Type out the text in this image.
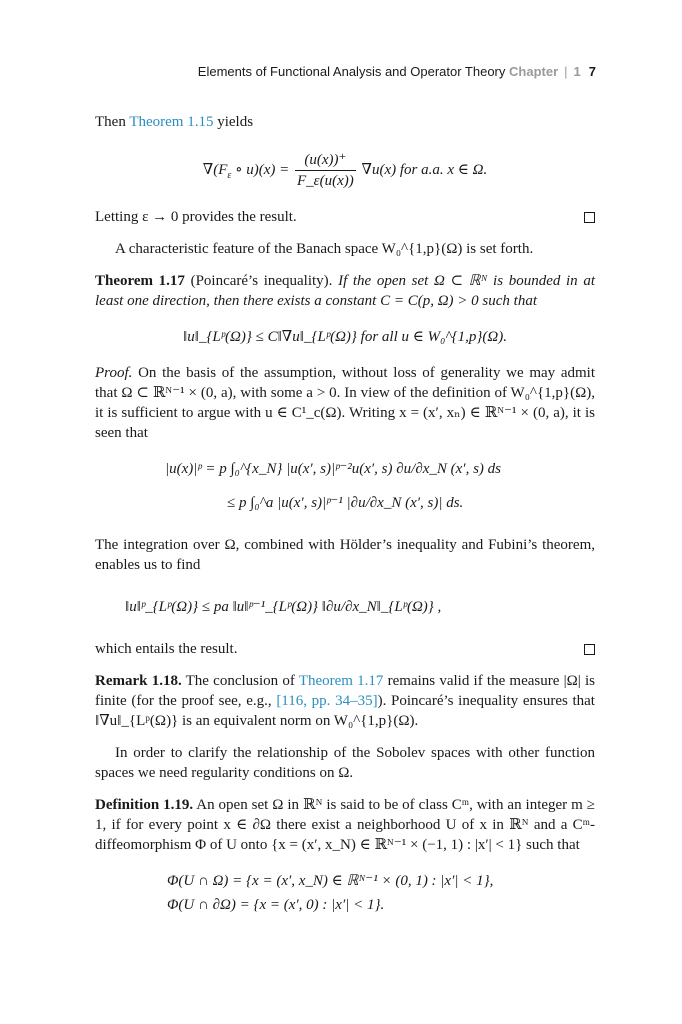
Elements of Functional Analysis and Operator Theory Chapter | 1 7

Then Theorem 1.15 yields

$\nabla(F_\varepsilon$ ∘ $u)(x) = \frac{(u(x))^+}{F\_\varepsilon(u(x))} \nabla u(x)$ for a.a. x ∈ Ω.

Letting ε → 0 provides the result.

A characteristic feature of the Banach space W₀^{1,p}(Ω) is set forth.

Theorem 1.17 (Poincaré’s inequality). If the open set Ω ⊂ ℝᴺ is bounded in at least one direction, then there exists a constant C = C(p, Ω) > 0 such that

‖u‖_{Lᵖ(Ω)} ≤ C‖∇u‖_{Lᵖ(Ω)} for all u ∈ W₀^{1,p}(Ω).

Proof. On the basis of the assumption, without loss of generality we may admit that Ω ⊂ ℝᴺ⁻¹ × (0, a), with some a > 0. In view of the definition of W₀^{1,p}(Ω), it is sufficient to argue with u ∈ C¹_c(Ω). Writing x = (x′, xₙ) ∈ ℝᴺ⁻¹ × (0, a), it is seen that

|u(x)|ᵖ = p ∫₀^{x_N} |u(x′, s)|ᵖ⁻²u(x′, s) ∂u/∂x_N (x′, s) ds
≤ p ∫₀^a |u(x′, s)|ᵖ⁻¹ |∂u/∂x_N (x′, s)| ds.

The integration over Ω, combined with Hölder’s inequality and Fubini’s theorem, enables us to find

‖u‖ᵖ_{Lᵖ(Ω)} ≤ pa ‖u‖ᵖ⁻¹_{Lᵖ(Ω)} ‖∂u/∂x_N‖_{Lᵖ(Ω)} ,

which entails the result.

Remark 1.18. The conclusion of Theorem 1.17 remains valid if the measure |Ω| is finite (for the proof see, e.g., [116, pp. 34–35]). Poincaré’s inequality ensures that ‖∇u‖_{Lᵖ(Ω)} is an equivalent norm on W₀^{1,p}(Ω).

In order to clarify the relationship of the Sobolev spaces with other function spaces we need regularity conditions on Ω.

Definition 1.19. An open set Ω in ℝᴺ is said to be of class Cᵐ, with an integer m ≥ 1, if for every point x ∈ ∂Ω there exist a neighborhood U of x in ℝᴺ and a Cᵐ-diffeomorphism Φ of U onto {x = (x′, x_N) ∈ ℝᴺ⁻¹ × (−1, 1) : |x′| < 1} such that

Φ(U ∩ Ω) = {x = (x′, x_N) ∈ ℝᴺ⁻¹ × (0, 1) : |x′| < 1},
Φ(U ∩ ∂Ω) = {x = (x′, 0) : |x′| < 1}.
